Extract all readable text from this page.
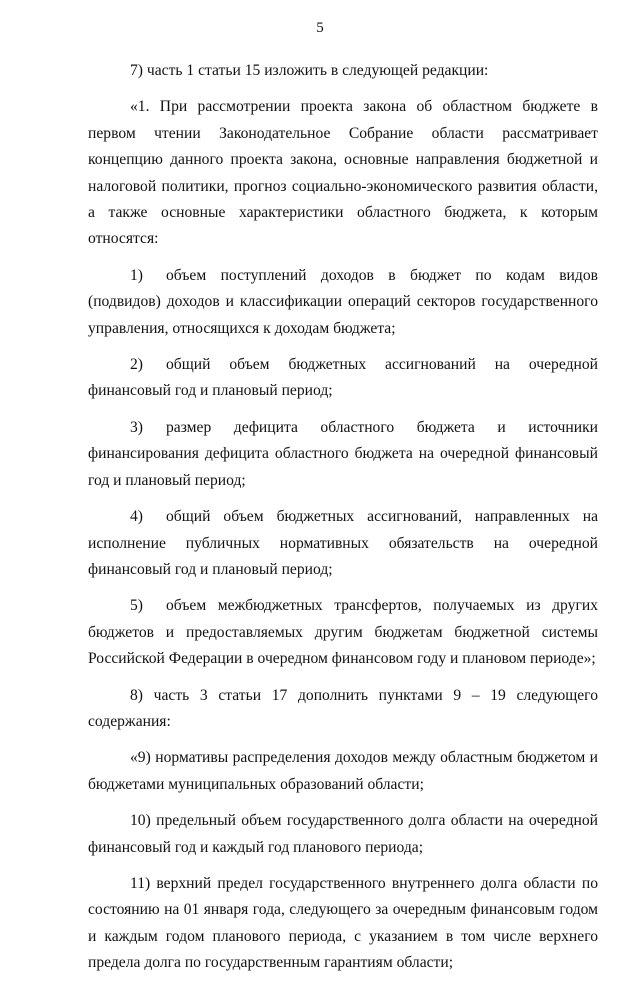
5

7) часть 1 статьи 15 изложить в следующей редакции:

«1. При рассмотрении проекта закона об областном бюджете в первом чтении Законодательное Собрание области рассматривает концепцию данного проекта закона, основные направления бюджетной и налоговой политики, прогноз социально-экономического развития области, а также основные характеристики областного бюджета, к которым относятся:

1) объем поступлений доходов в бюджет по кодам видов (подвидов) доходов и классификации операций секторов государственного управления, относящихся к доходам бюджета;

2) общий объем бюджетных ассигнований на очередной финансовый год и плановый период;

3) размер дефицита областного бюджета и источники финансирования дефицита областного бюджета на очередной финансовый год и плановый период;

4) общий объем бюджетных ассигнований, направленных на исполнение публичных нормативных обязательств на очередной финансовый год и плановый период;

5) объем межбюджетных трансфертов, получаемых из других бюджетов и предоставляемых другим бюджетам бюджетной системы Российской Федерации в очередном финансовом году и плановом периоде»;

8) часть 3 статьи 17 дополнить пунктами 9 – 19 следующего содержания:

«9) нормативы распределения доходов между областным бюджетом и бюджетами муниципальных образований области;

10) предельный объем государственного долга области на очередной финансовый год и каждый год планового периода;

11) верхний предел государственного внутреннего долга области по состоянию на 01 января года, следующего за очередным финансовым годом и каждым годом планового периода, с указанием в том числе верхнего предела долга по государственным гарантиям области;
